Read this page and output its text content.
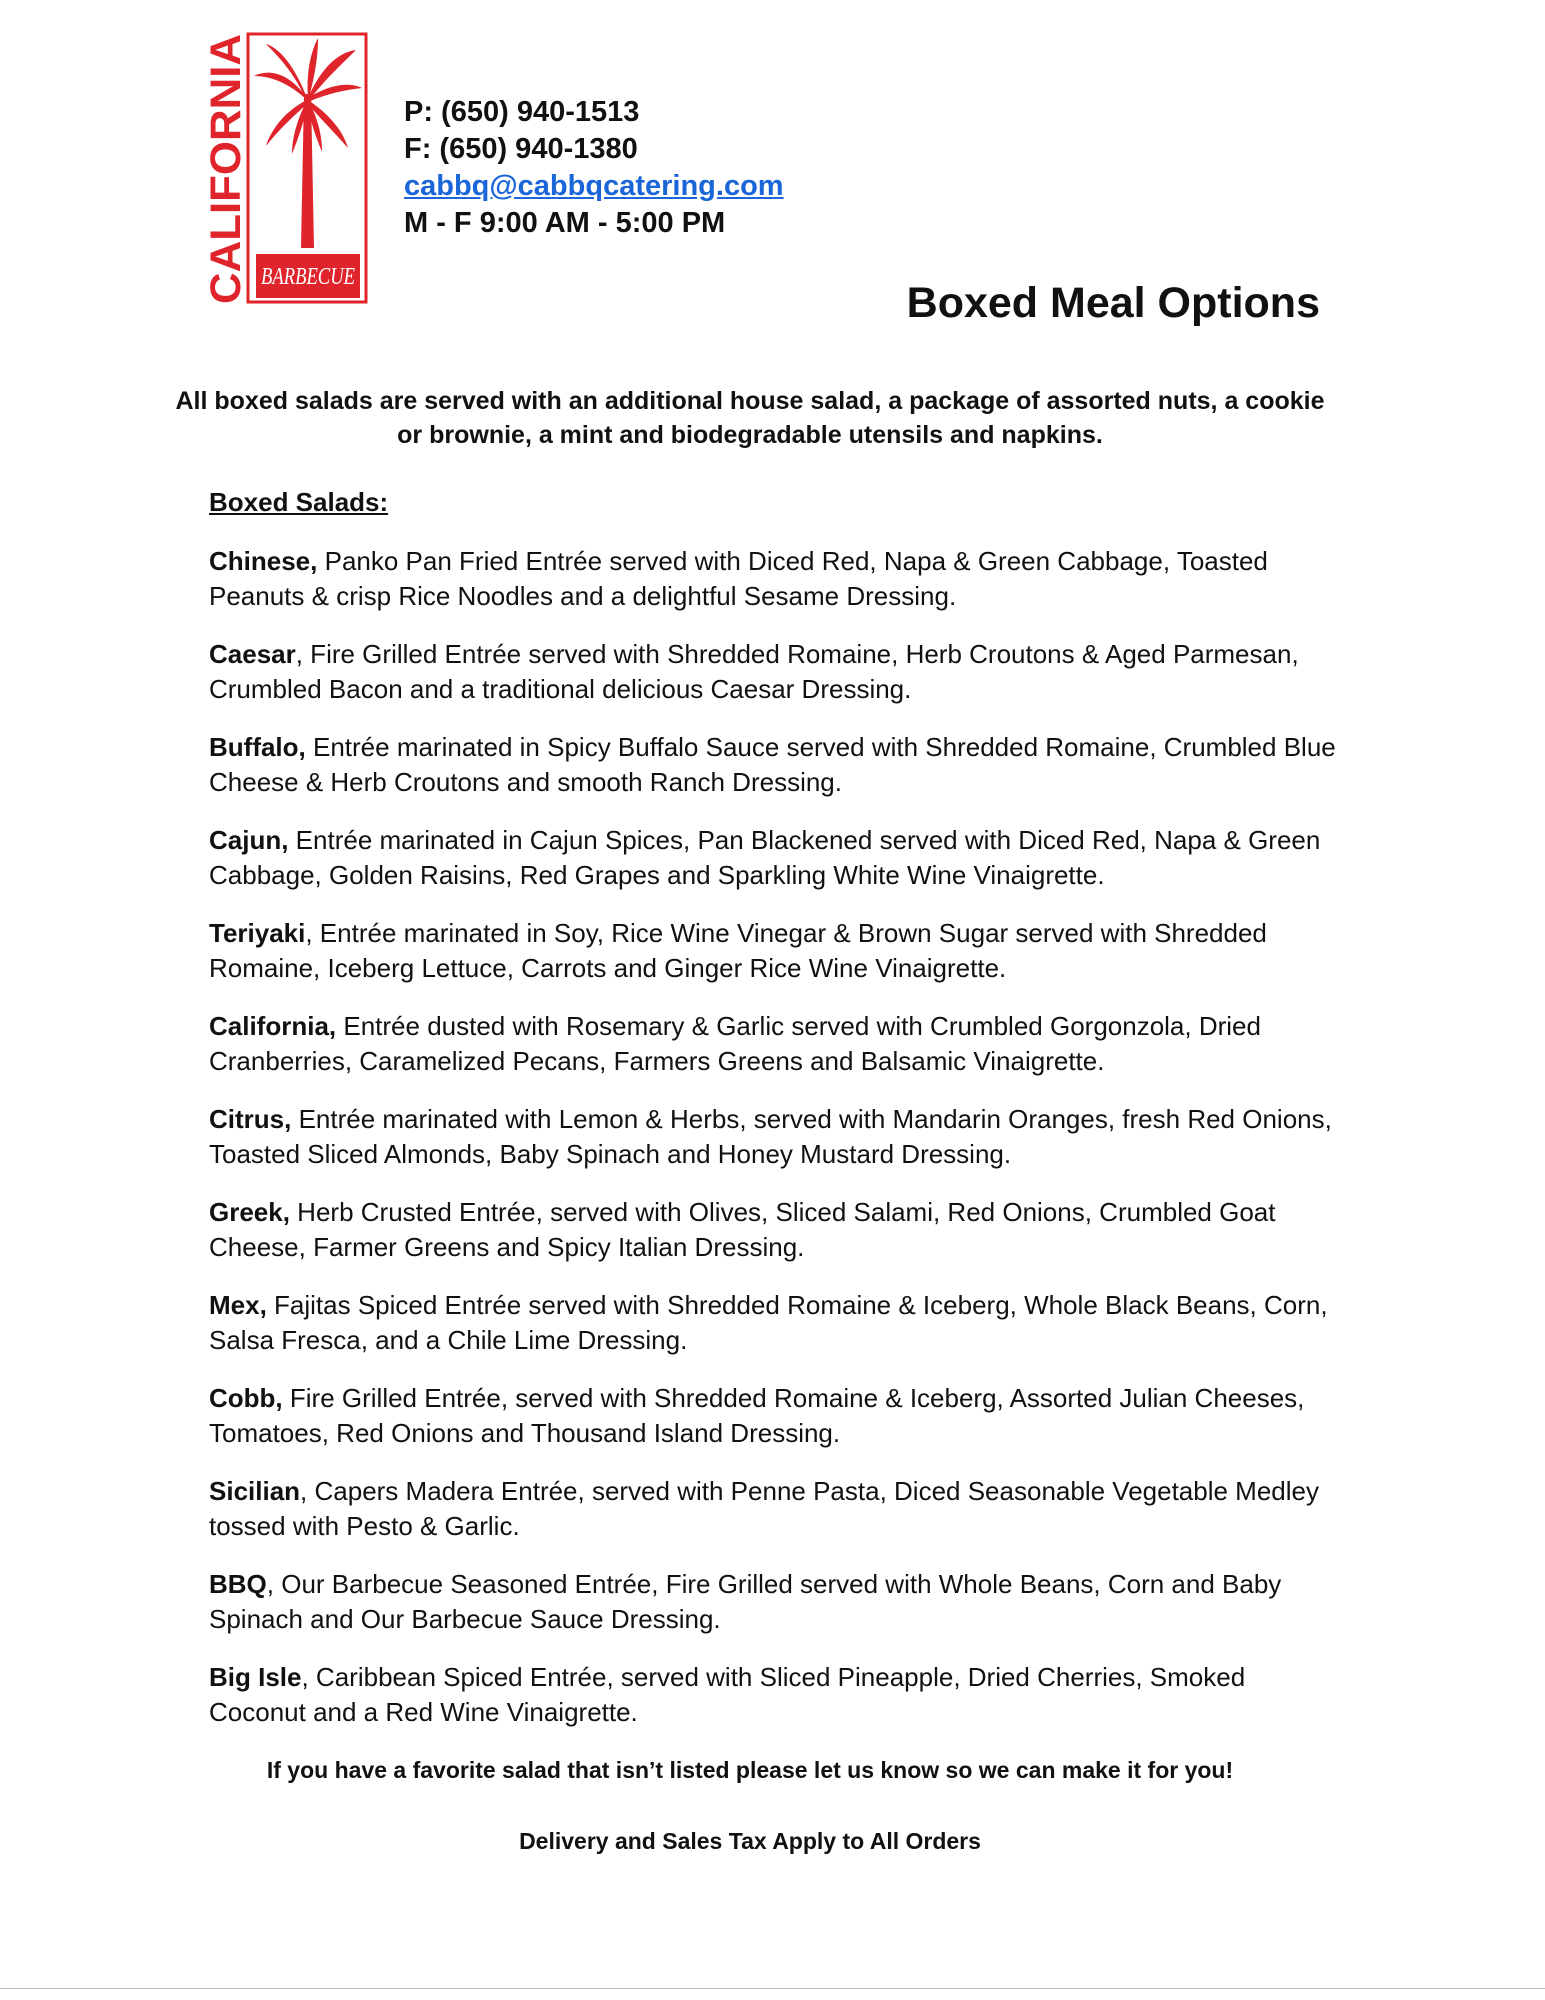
CALIFORNIA BARBECUE
P: (650) 940-1513
F: (650) 940-1380
cabbq@cabbqcatering.com
M - F 9:00 AM - 5:00 PM
Boxed Meal Options
All boxed salads are served with an additional house salad, a package of assorted nuts, a cookie or brownie, a mint and biodegradable utensils and napkins.
Boxed Salads:
Chinese, Panko Pan Fried Entrée served with Diced Red, Napa & Green Cabbage, Toasted Peanuts & crisp Rice Noodles and a delightful Sesame Dressing.
Caesar, Fire Grilled Entrée served with Shredded Romaine, Herb Croutons & Aged Parmesan, Crumbled Bacon and a traditional delicious Caesar Dressing.
Buffalo, Entrée marinated in Spicy Buffalo Sauce served with Shredded Romaine, Crumbled Blue Cheese & Herb Croutons and smooth Ranch Dressing.
Cajun, Entrée marinated in Cajun Spices, Pan Blackened served with Diced Red, Napa & Green Cabbage, Golden Raisins, Red Grapes and Sparkling White Wine Vinaigrette.
Teriyaki, Entrée marinated in Soy, Rice Wine Vinegar & Brown Sugar served with Shredded Romaine, Iceberg Lettuce, Carrots and Ginger Rice Wine Vinaigrette.
California, Entrée dusted with Rosemary & Garlic served with Crumbled Gorgonzola, Dried Cranberries, Caramelized Pecans, Farmers Greens and Balsamic Vinaigrette.
Citrus, Entrée marinated with Lemon & Herbs, served with Mandarin Oranges, fresh Red Onions, Toasted Sliced Almonds, Baby Spinach and Honey Mustard Dressing.
Greek, Herb Crusted Entrée, served with Olives, Sliced Salami, Red Onions, Crumbled Goat Cheese, Farmer Greens and Spicy Italian Dressing.
Mex, Fajitas Spiced Entrée served with Shredded Romaine & Iceberg, Whole Black Beans, Corn, Salsa Fresca, and a Chile Lime Dressing.
Cobb, Fire Grilled Entrée, served with Shredded Romaine & Iceberg, Assorted Julian Cheeses, Tomatoes, Red Onions and Thousand Island Dressing.
Sicilian, Capers Madera Entrée, served with Penne Pasta, Diced Seasonable Vegetable Medley tossed with Pesto & Garlic.
BBQ, Our Barbecue Seasoned Entrée, Fire Grilled served with Whole Beans, Corn and Baby Spinach and Our Barbecue Sauce Dressing.
Big Isle, Caribbean Spiced Entrée, served with Sliced Pineapple, Dried Cherries, Smoked Coconut and a Red Wine Vinaigrette.
If you have a favorite salad that isn’t listed please let us know so we can make it for you!
Delivery and Sales Tax Apply to All Orders
